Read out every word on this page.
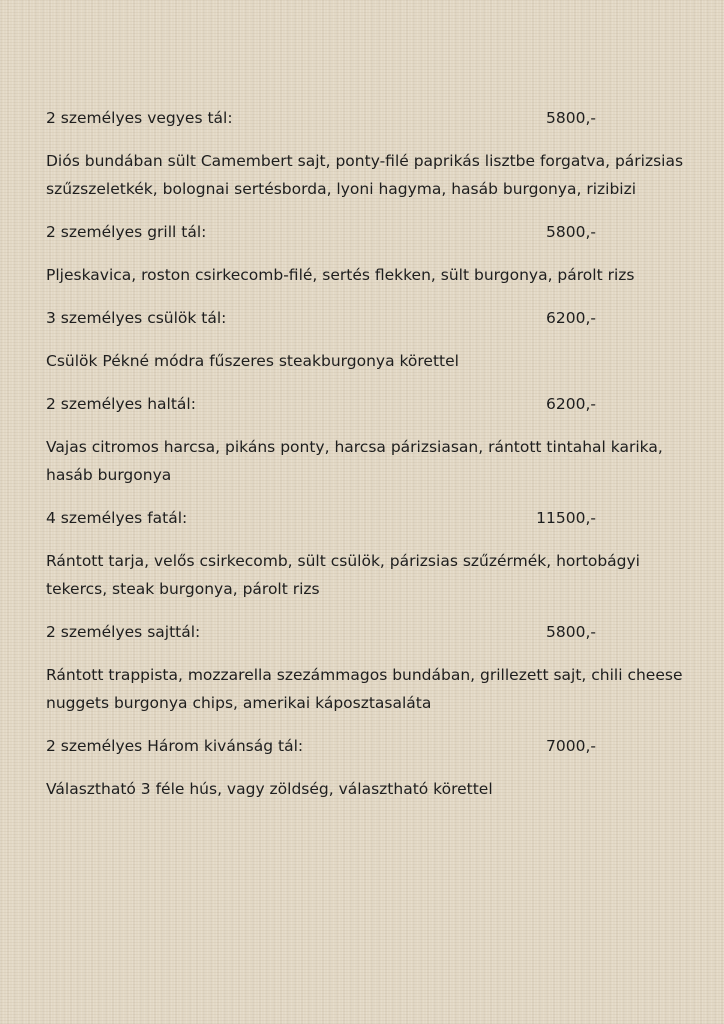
2 személyes vegyes tál:	5800,-
Diós bundában sült Camembert sajt, ponty-filé paprikás lisztbe forgatva, párizsias szűzszeletkék, bolognai sertésborda, lyoni hagyma, hasáb burgonya, rizibizi
2 személyes grill tál:	5800,-
Pljeskavica, roston csirkecomb-filé, sertés flekken, sült burgonya, párolt rizs
3 személyes csülök tál:	6200,-
Csülök Pékné módra fűszeres steakburgonya körettel
2 személyes haltál:	6200,-
Vajas citromos harcsa, pikáns ponty, harcsa párizsiasan, rántott tintahal karika, hasáb burgonya
4 személyes fatál:	11500,-
Rántott tarja, velős csirkecomb, sült csülök, párizsias szűzérmék, hortobágyi tekercs, steak burgonya, párolt rizs
2 személyes sajttál:	5800,-
Rántott trappista, mozzarella szezámmagos bundában, grillezett sajt, chili cheese nuggets burgonya chips, amerikai káposztasaláta
2 személyes Három kivánság tál:	7000,-
Választható 3 féle hús, vagy zöldség, választható körettel
